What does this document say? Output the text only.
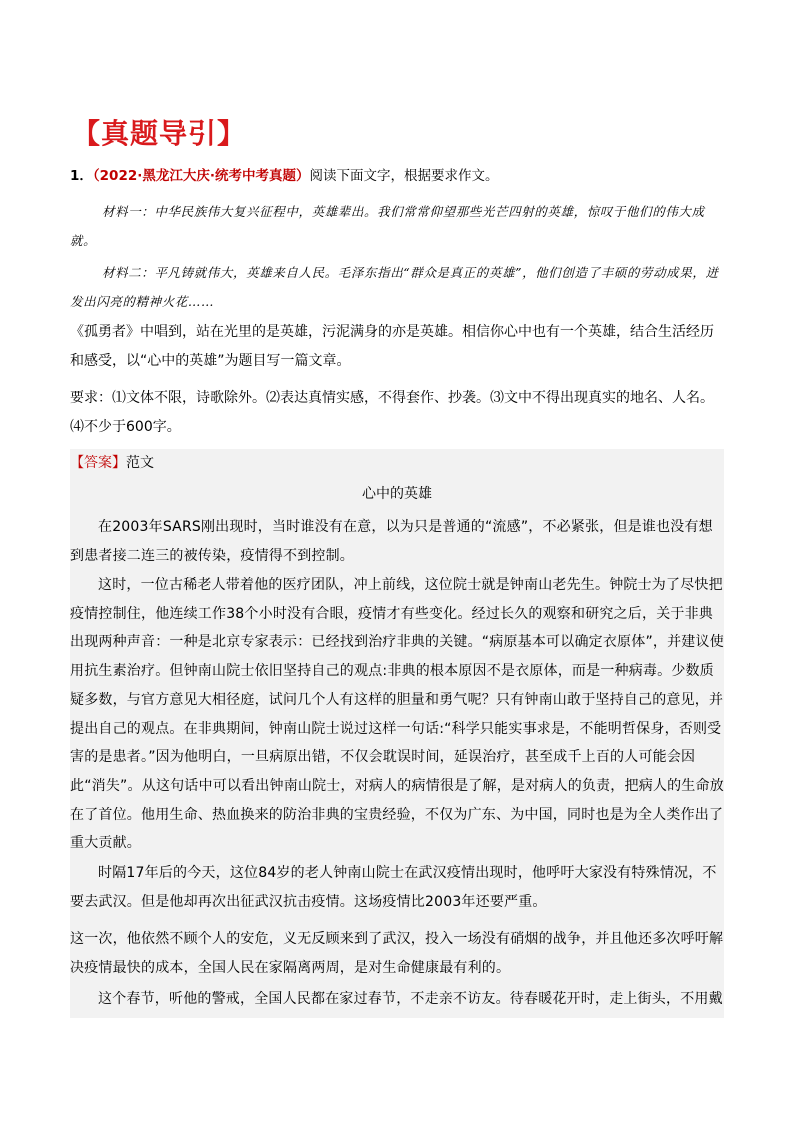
【真题导引】
1．（2022·黑龙江大庆·统考中考真题）阅读下面文字，根据要求作文。
材料一：中华民族伟大复兴征程中，英雄辈出。我们常常仰望那些光芒四射的英雄，惊叹于他们的伟大成就。
材料二：平凡铸就伟大，英雄来自人民。毛泽东指出“群众是真正的英雄”，他们创造了丰硕的劳动成果，迸发出闪亮的精神火花……
《孤勇者》中唱到，站在光里的是英雄，污泥满身的亦是英雄。相信你心中也有一个英雄，结合生活经历和感受，以“心中的英雄”为题目写一篇文章。
要求：⑴文体不限，诗歌除外。⑵表达真情实感，不得套作、抄袭。⑶文中不得出现真实的地名、人名。⑷不少于600字。
【答案】范文
心中的英雄
在2003年SARS刚出现时，当时谁没有在意，以为只是普通的“流感”，不必紧张，但是谁也没有想到患者接二连三的被传染，疫情得不到控制。
这时，一位古稀老人带着他的医疗团队，冲上前线，这位院士就是钟南山老先生。钟院士为了尽快把疫情控制住，他连续工作38个小时没有合眼，疫情才有些变化。经过长久的观察和研究之后，关于非典出现两种声音：一种是北京专家表示：已经找到治疗非典的关键。“病原基本可以确定衣原体”，并建议使用抗生素治疗。但钟南山院士依旧坚持自己的观点:非典的根本原因不是衣原体，而是一种病毒。少数质疑多数，与官方意见大相径庭，试问几个人有这样的胆量和勇气呢？只有钟南山敢于坚持自己的意见，并提出自己的观点。在非典期间，钟南山院士说过这样一句话:“科学只能实事求是，不能明哲保身，否则受害的是患者。”因为他明白，一旦病原出错，不仅会耽误时间，延误治疗，甚至成千上百的人可能会因此“消失”。从这句话中可以看出钟南山院士，对病人的病情很是了解，是对病人的负责，把病人的生命放在了首位。他用生命、热血换来的防治非典的宝贵经验，不仅为广东、为中国，同时也是为全人类作出了重大贡献。
时隔17年后的今天，这位84岁的老人钟南山院士在武汉疫情出现时，他呼吁大家没有特殊情况，不要去武汉。但是他却再次出征武汉抗击疫情。这场疫情比2003年还要严重。
这一次，他依然不顾个人的安危，义无反顾来到了武汉，投入一场没有硝烟的战争，并且他还多次呼吁解决疫情最快的成本，全国人民在家隔离两周，是对生命健康最有利的。
这个春节，听他的警戒，全国人民都在家过春节，不走亲不访友。待春暖花开时，走上街头，不用戴
